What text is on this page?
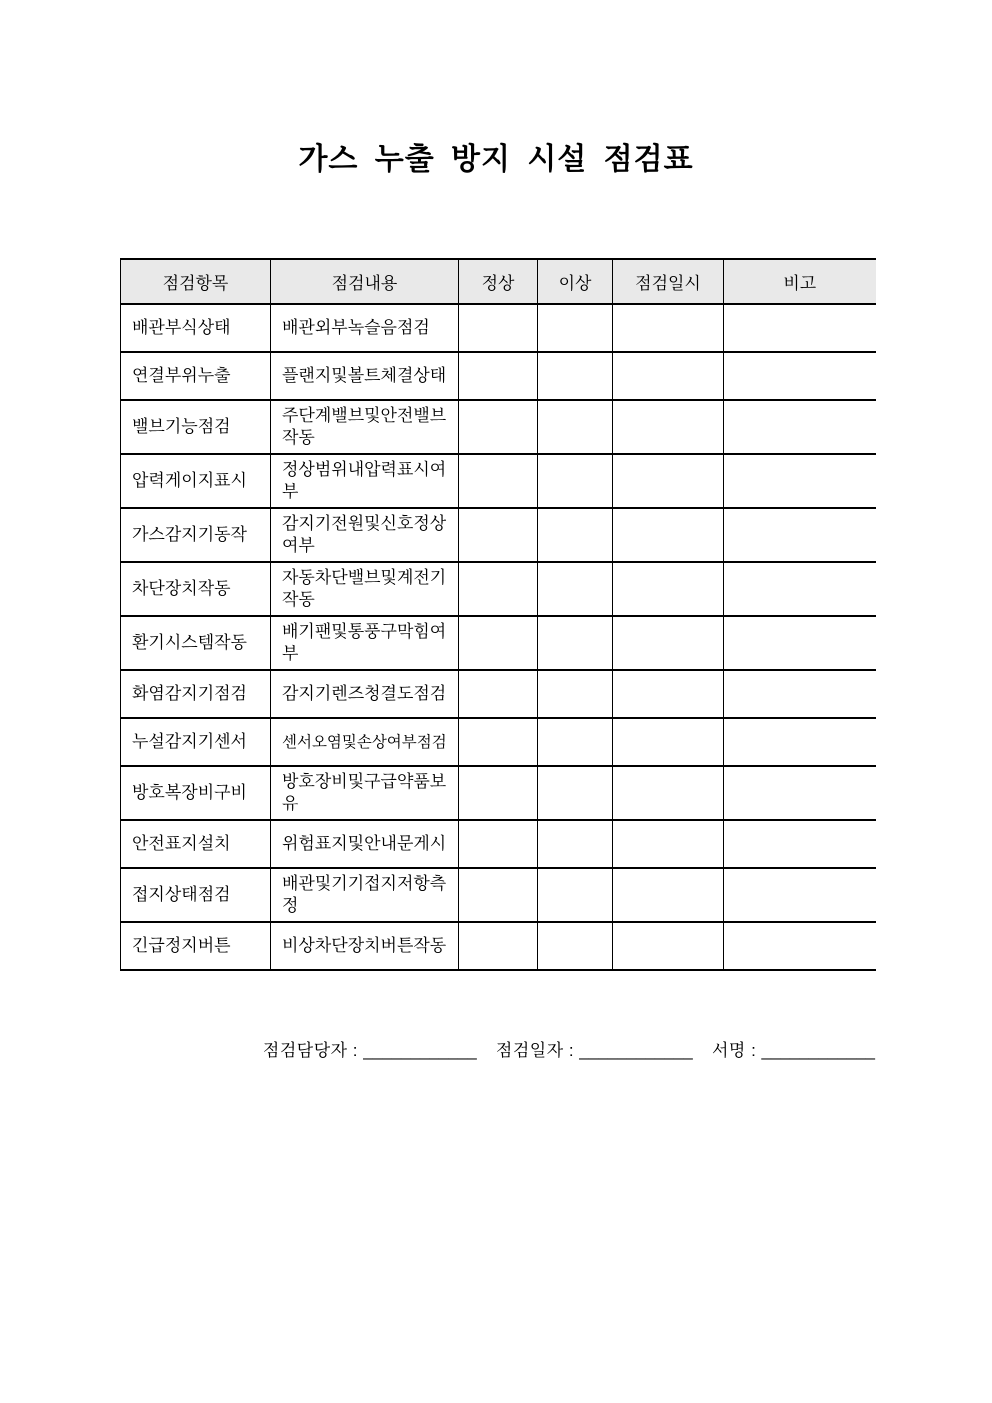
가스 누출 방지 시설 점검표
점검항목	점검내용	정상	이상	점검일시	비고
배관부식상태	배관외부녹슬음점검				
연결부위누출	플랜지및볼트체결상태				
밸브기능점검	주단계밸브및안전밸브작동				
압력게이지표시	정상범위내압력표시여부				
가스감지기동작	감지기전원및신호정상여부				
차단장치작동	자동차단밸브및계전기작동				
환기시스템작동	배기팬및통풍구막힘여부				
화염감지기점검	감지기렌즈청결도점검				
누설감지기센서	센서오염및손상여부점검				
방호복장비구비	방호장비및구급약품보유				
안전표지설치	위험표지및안내문게시				
접지상태점검	배관및기기접지저항측정				
긴급정지버튼	비상차단장치버튼작동				
점검담당자 : ____________ 점검일자 : ____________ 서명 : ____________
